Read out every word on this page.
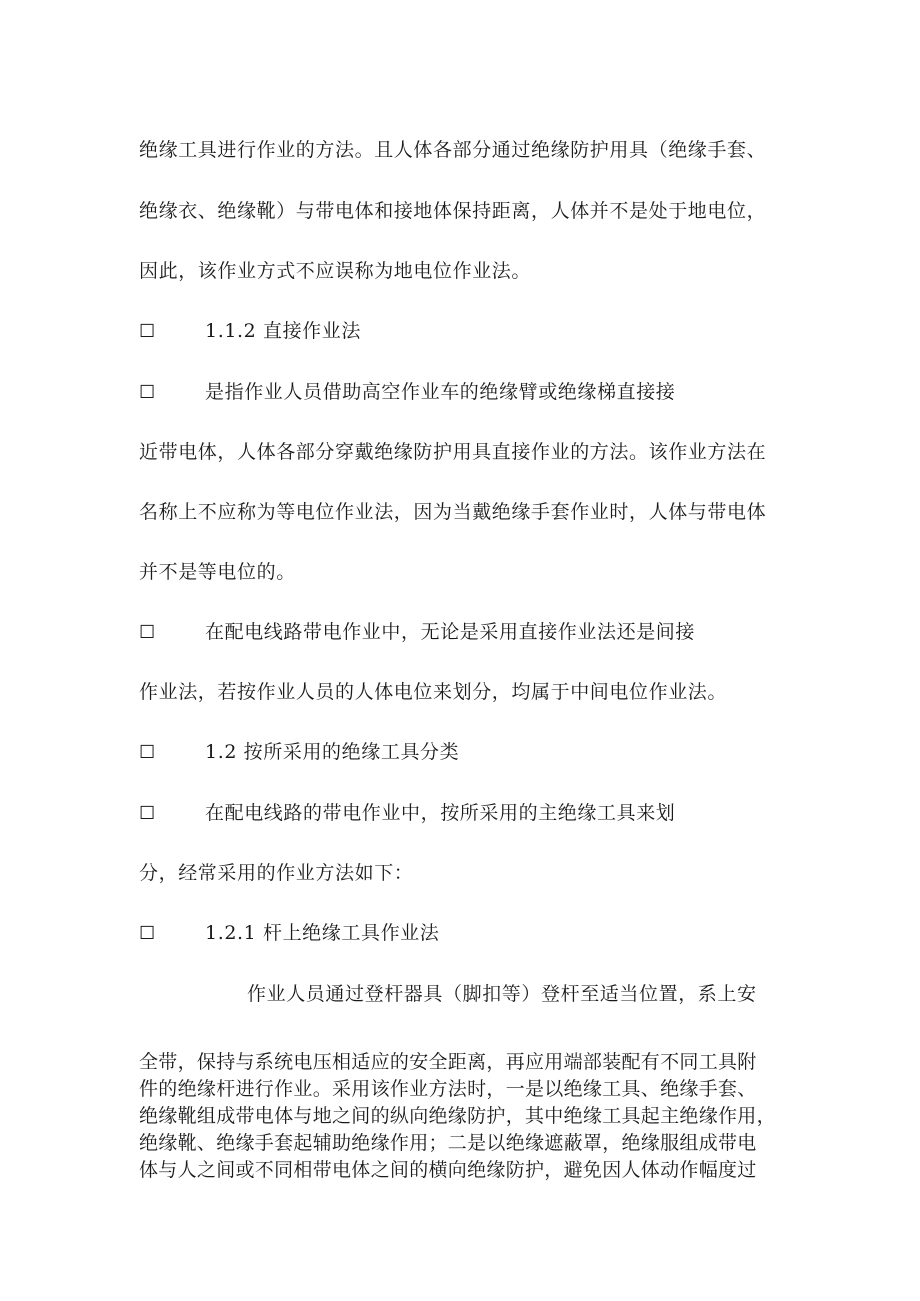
绝缘工具进行作业的方法。且人体各部分通过绝缘防护用具（绝缘手套、
绝缘衣、绝缘靴）与带电体和接地体保持距离，人体并不是处于地电位，
因此，该作业方式不应误称为地电位作业法。
☐	1.1.2 直接作业法
☐	是指作业人员借助高空作业车的绝缘臂或绝缘梯直接接
近带电体，人体各部分穿戴绝缘防护用具直接作业的方法。该作业方法在
名称上不应称为等电位作业法，因为当戴绝缘手套作业时，人体与带电体
并不是等电位的。
☐	在配电线路带电作业中，无论是采用直接作业法还是间接
作业法，若按作业人员的人体电位来划分，均属于中间电位作业法。
☐	1.2 按所采用的绝缘工具分类
☐	在配电线路的带电作业中，按所采用的主绝缘工具来划
分，经常采用的作业方法如下：
☐	1.2.1 杆上绝缘工具作业法
作业人员通过登杆器具（脚扣等）登杆至适当位置，系上安
全带，保持与系统电压相适应的安全距离，再应用端部装配有不同工具附
件的绝缘杆进行作业。采用该作业方法时，一是以绝缘工具、绝缘手套、
绝缘靴组成带电体与地之间的纵向绝缘防护，其中绝缘工具起主绝缘作用，
绝缘靴、绝缘手套起辅助绝缘作用；二是以绝缘遮蔽罩，绝缘服组成带电
体与人之间或不同相带电体之间的横向绝缘防护，避免因人体动作幅度过
